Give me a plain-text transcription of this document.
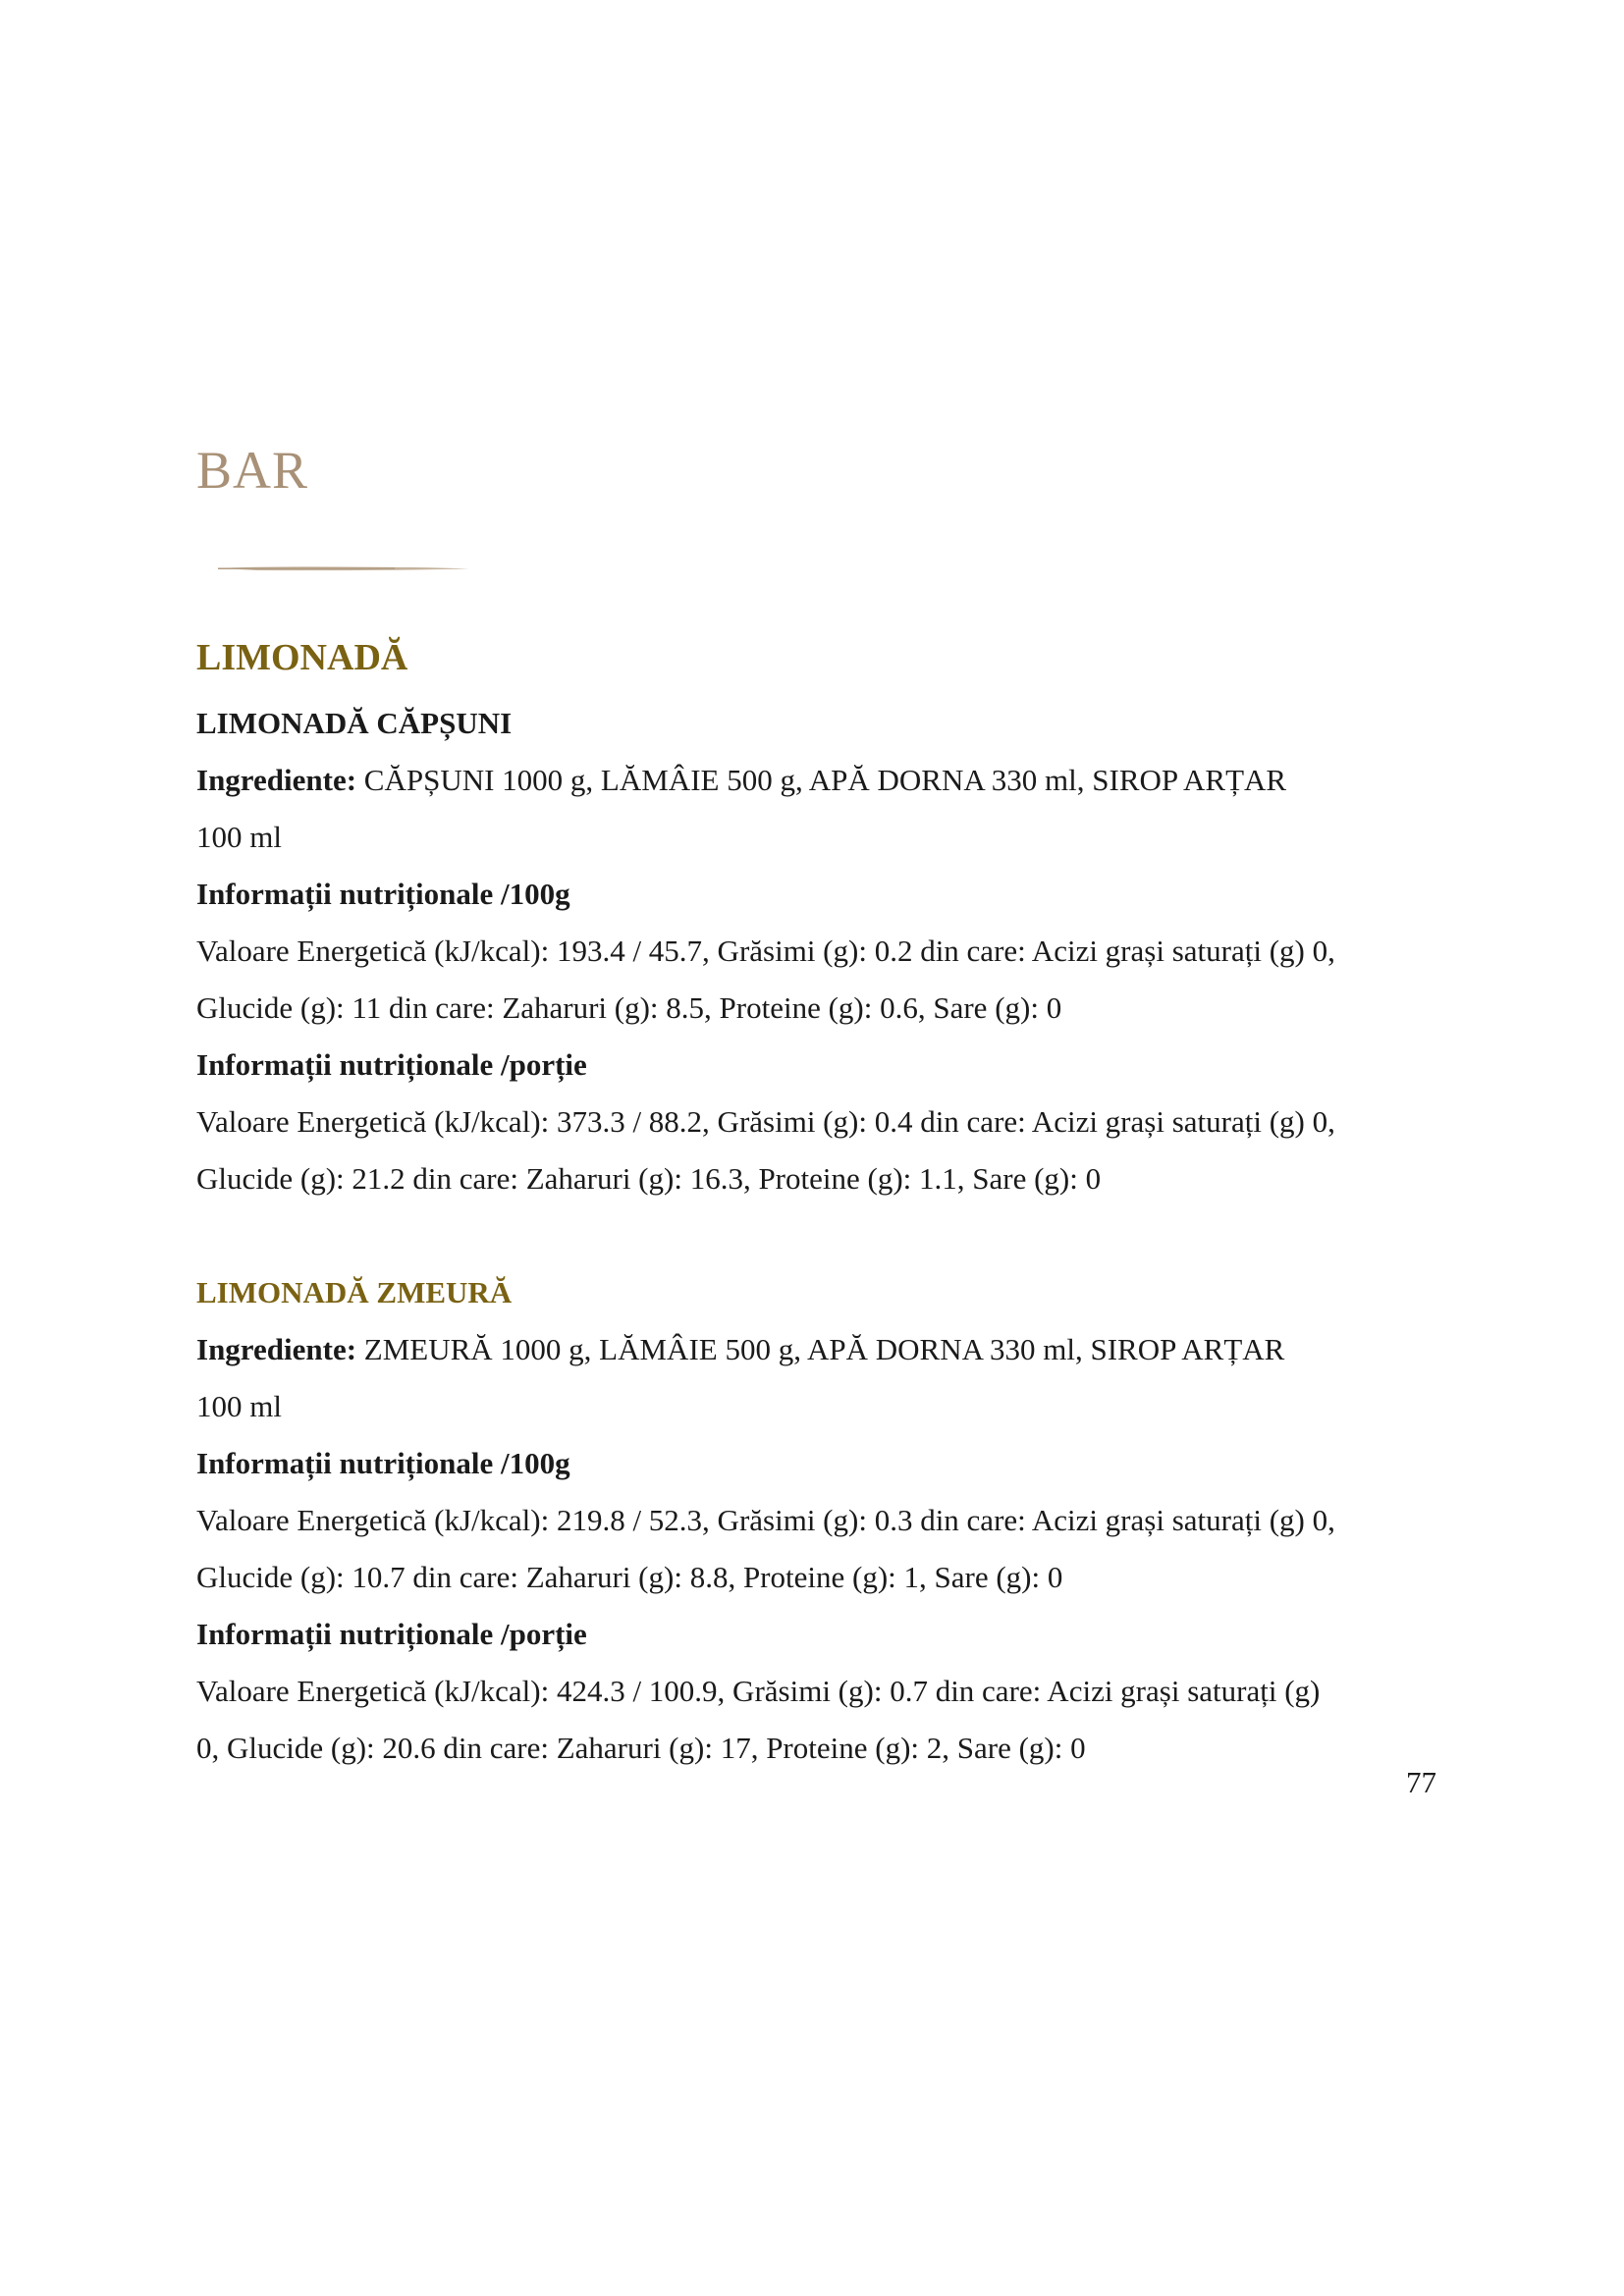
BAR
LIMONADĂ
LIMONADĂ CĂPȘUNI
Ingrediente: CĂPȘUNI 1000 g, LĂMÂIE 500 g, APĂ DORNA 330 ml, SIROP ARȚAR
100 ml
Informații nutriționale /100g
Valoare Energetică (kJ/kcal): 193.4 / 45.7, Grăsimi (g): 0.2 din care: Acizi grași saturați (g) 0,
Glucide (g): 11 din care: Zaharuri (g): 8.5, Proteine (g): 0.6, Sare (g): 0
Informații nutriționale /porție
Valoare Energetică (kJ/kcal): 373.3 / 88.2, Grăsimi (g): 0.4 din care: Acizi grași saturați (g) 0,
Glucide (g): 21.2 din care: Zaharuri (g): 16.3, Proteine (g): 1.1, Sare (g): 0
LIMONADĂ ZMEURĂ
Ingrediente: ZMEURĂ 1000 g, LĂMÂIE 500 g, APĂ DORNA 330 ml, SIROP ARȚAR
100 ml
Informații nutriționale /100g
Valoare Energetică (kJ/kcal): 219.8 / 52.3, Grăsimi (g): 0.3 din care: Acizi grași saturați (g) 0,
Glucide (g): 10.7 din care: Zaharuri (g): 8.8, Proteine (g): 1, Sare (g): 0
Informații nutriționale /porție
Valoare Energetică (kJ/kcal): 424.3 / 100.9, Grăsimi (g): 0.7 din care: Acizi grași saturați (g)
0, Glucide (g): 20.6 din care: Zaharuri (g): 17, Proteine (g): 2, Sare (g): 0
77
